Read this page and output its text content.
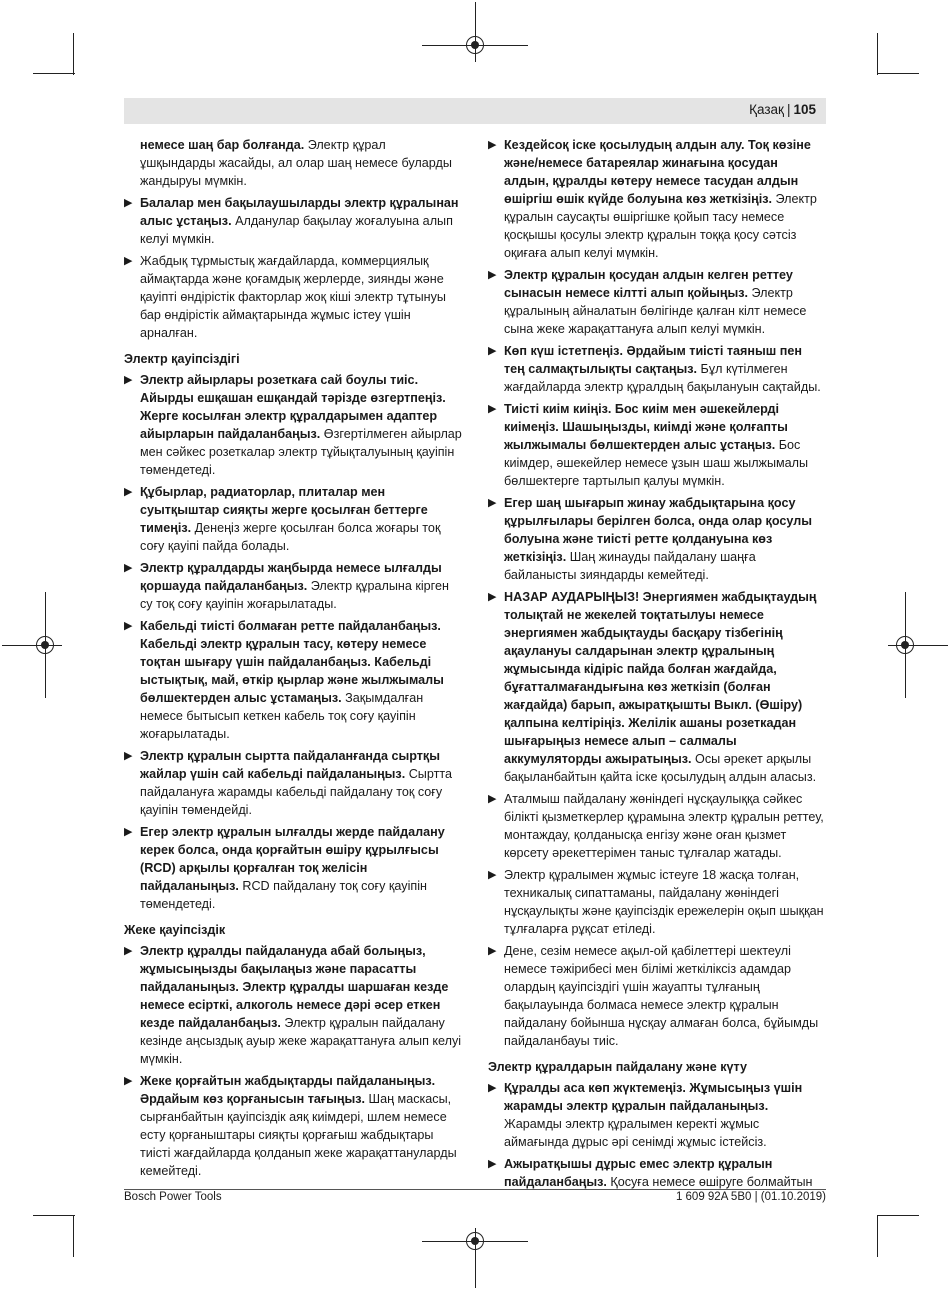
Қазақ | 105
немесе шаң бар болғанда. Электр құрал ұшқындарды жасайды, ал олар шаң немесе буларды жандыруы мүмкін.
▶ Балалар мен бақылаушыларды электр құралынан алыс ұстаңыз. Алданулар бақылау жоғалуына алып келуі мүмкін.
▶ Жабдық тұрмыстық жағдайларда, коммерциялық аймақтарда және қоғамдық жерлерде, зиянды және қауіпті өндірістік факторлар жоқ кіші электр тұтынуы бар өндірістік аймақтарында жұмыс істеу үшін арналған.
Электр қауіпсіздігі
▶ Электр айырлары розеткаға сай боулы тиіс. Айырды ешқашан ешқандай тәрізде өзгертпеңіз. Жерге косылған электр құралдарымен адаптер айырларын пайдаланбаңыз. Өзгертілмеген айырлар мен сәйкес розеткалар электр тұйықталуының қауіпін төмендетеді.
▶ Құбырлар, радиаторлар, плиталар мен суытқыштар сияқты жерге қосылған беттерге тимеңіз. Денеңіз жерге қосылған болса жоғары тоқ соғу қауіпі пайда болады.
▶ Электр құралдарды жаңбырда немесе ылғалды қоршауда пайдаланбаңыз. Электр құралына кірген су тоқ соғу қауіпін жоғарылатады.
▶ Кабельді тиісті болмаған ретте пайдаланбаңыз. Кабельді электр құралын тасу, көтеру немесе тоқтан шығару үшін пайдаланбаңыз. Кабельді ыстықтық, май, өткір қырлар және жылжымалы бөлшектерден алыс ұстамаңыз. Зақымдалған немесе бытысып кеткен кабель тоқ соғу қауіпін жоғарылатады.
▶ Электр құралын сыртта пайдаланғанда сыртқы жайлар үшін сай кабельді пайдаланыңыз. Сыртта пайдалануға жарамды кабельді пайдалану тоқ соғу қауіпін төмендейді.
▶ Егер электр құралын ылғалды жерде пайдалану керек болса, онда қорғайтын өшіру құрылғысы (RCD) арқылы қорғалған тоқ желісін пайдаланыңыз. RCD пайдалану тоқ соғу қауіпін төмендетеді.
Жеке қауіпсіздік
▶ Электр құралды пайдалануда абай болыңыз, жұмысыңызды бақылаңыз және парасатты пайдаланыңыз. Электр құралды шаршаған кезде немесе есірткі, алкоголь немесе дәрі әсер еткен кезде пайдаланбаңыз. Электр құралын пайдалану кезінде аңсыздық ауыр жеке жарақаттануға алып келуі мүмкін.
▶ Жеке қорғайтын жабдықтарды пайдаланыңыз. Әрдайым көз қорғанысын тағыңыз. Шаң маскасы, сырғанбайтын қауіпсіздік аяқ киімдері, шлем немесе есту қорғаныштары сияқты қорғағыш жабдықтары тиісті жағдайларда қолданып жеке жарақаттануларды кемейтеді.
▶ Кездейсоқ іске қосылудың алдын алу. Тоқ көзіне және/немесе батареялар жинағына қосудан алдын, құралды көтеру немесе тасудан алдын өшіргіш өшік күйде болуына көз жеткізіңіз. Электр құралын саусақты өшіргішке қойып тасу немесе қосқышы қосулы электр құралын тоққа қосу сәтсіз оқиғаға алып келуі мүмкін.
▶ Электр құралын қосудан алдын келген реттеу сынасын немесе кілтті алып қойыңыз. Электр құралының айналатын бөлігінде қалған кілт немесе сына жеке жарақаттануға алып келуі мүмкін.
▶ Көп күш істетпеңіз. Әрдайым тиісті таяныш пен тең салмақтылықты сақтаңыз. Бұл күтілмеген жағдайларда электр құралдың бақылануын сақтайды.
▶ Тиісті киім киіңіз. Бос киім мен әшекейлерді киімеңіз. Шашыңызды, киімді және қолғапты жылжымалы бөлшектерден алыс ұстаңыз. Бос киімдер, әшекейлер немесе ұзын шаш жылжымалы бөлшектерге тартылып қалуы мүмкін.
▶ Егер шаң шығарып жинау жабдықтарына қосу құрылғылары берілген болса, онда олар қосулы болуына және тиісті ретте қолдануына көз жеткізіңіз. Шаң жинауды пайдалану шаңға байланысты зияндарды кемейтеді.
▶ НАЗАР АУДАРЫҢЫЗ! Энергиямен жабдықтаудың толықтай не жекелей тоқтатылуы немесе энергиямен жабдықтауды басқару тізбегінің ақаулануы салдарынан электр құралының жұмысында кідіріс пайда болған жағдайда, бұғатталмағандығына көз жеткізіп (болған жағдайда) барып, ажыратқышты Выкл. (Өшіру) қалпына келтіріңіз. Желілік ашаны розеткадан шығарыңыз немесе алып – салмалы аккумуляторды ажыратыңыз. Осы әрекет арқылы бақыланбайтын қайта іске қосылудың алдын аласыз.
▶ Аталмыш пайдалану жөніндегі нұсқаулыққа сәйкес білікті қызметкерлер құрамына электр құралын реттеу, монтаждау, қолданысқа енгізу және оған қызмет көрсету әрекеттерімен таныс тұлғалар жатады.
▶ Электр құралымен жұмыс істеуге 18 жасқа толған, техникалық сипаттаманы, пайдалану жөніндегі нұсқаулықты және қауіпсіздік ережелерін оқып шыққан тұлғаларға рұқсат етіледі.
▶ Дене, сезім немесе ақыл-ой қабілеттері шектеулі немесе тәжірибесі мен білімі жеткіліксіз адамдар олардың қауіпсіздігі үшін жауапты тұлғаның бақылауында болмаса немесе электр құралын пайдалану бойынша нұсқау алмаған болса, бұйымды пайдаланбауы тиіс.
Электр құралдарын пайдалану және күту
▶ Құралды аса көп жүктемеңіз. Жұмысыңыз үшін жарамды электр құралын пайдаланыңыз. Жарамды электр құралымен керекті жұмыс аймағында дұрыс әрі сенімді жұмыс істейсіз.
▶ Ажыратқышы дұрыс емес электр құралын пайдаланбаңыз. Қосуға немесе өшіруге болмайтын
Bosch Power Tools	1 609 92A 5B0 | (01.10.2019)
